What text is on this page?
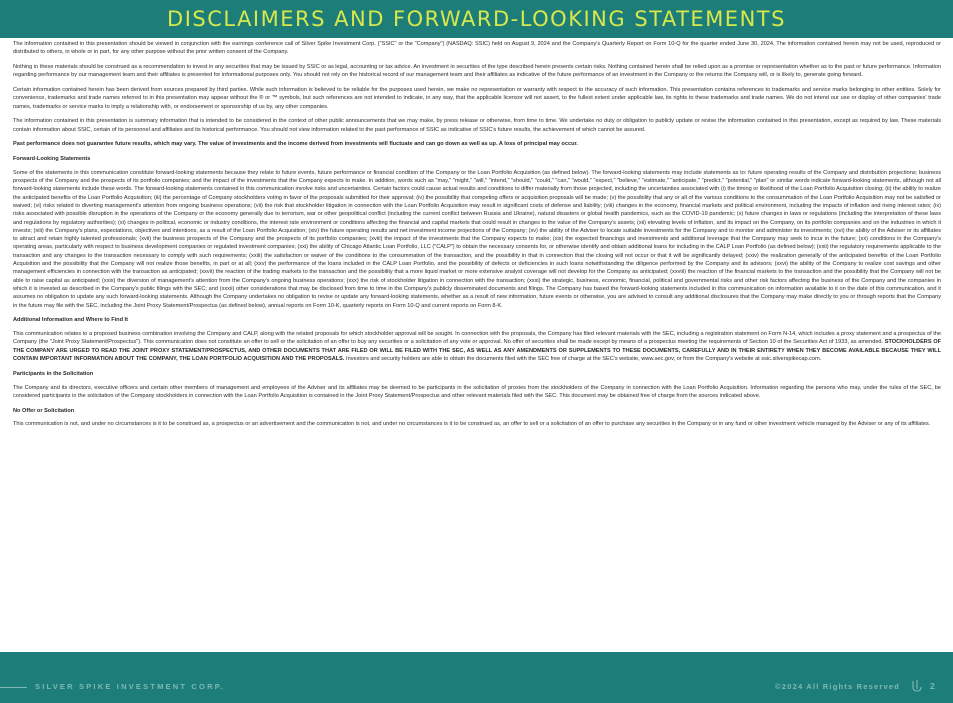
DISCLAIMERS AND FORWARD-LOOKING STATEMENTS

The information contained in this presentation should be viewed in conjunction with the earnings conference call of Silver Spike Investment Corp. ("SSIC" or the "Company") (NASDAQ: SSIC) held on August 9, 2024 and the Company's Quarterly Report on Form 10-Q for the quarter ended June 30, 2024. The information contained herein may not be used, reproduced or distributed to others, in whole or in part, for any other purpose without the prior written consent of the Company.

Nothing in these materials should be construed as a recommendation to invest in any securities that may be issued by SSIC or as legal, accounting or tax advice. An investment in securities of the type described herein presents certain risks. Nothing contained herein shall be relied upon as a promise or representation whether as to the past or future performance. Information regarding performance by our management team and their affiliates is presented for informational purposes only. You should not rely on the historical record of our management team and their affiliates as indicative of the future performance of an investment in the Company or the returns the Company will, or is likely to, generate going forward.

Certain information contained herein has been derived from sources prepared by third parties. While such information is believed to be reliable for the purposes used herein, we make no representation or warranty with respect to the accuracy of such information. This presentation contains references to trademarks and service marks belonging to other entities. Solely for convenience, trademarks and trade names referred to in this presentation may appear without the ® or ™ symbols, but such references are not intended to indicate, in any way, that the applicable licensor will not assert, to the fullest extent under applicable law, its rights to these trademarks and trade names. We do not intend our use or display of other companies' trade names, trademarks or service marks to imply a relationship with, or endorsement or sponsorship of us by, any other companies.

The information contained in this presentation is summary information that is intended to be considered in the context of other public announcements that we may make, by press release or otherwise, from time to time. We undertake no duty or obligation to publicly update or revise the information contained in this presentation, except as required by law. These materials contain information about SSIC, certain of its personnel and affiliates and its historical performance. You should not view information related to the past performance of SSIC as indicative of SSIC's future results, the achievement of which cannot be assured.

Past performance does not guarantee future results, which may vary. The value of investments and the income derived from investments will fluctuate and can go down as well as up. A loss of principal may occur.

Forward-Looking Statements

Some of the statements in this communication constitute forward-looking statements because they relate to future events, future performance or financial condition of the Company or the Loan Portfolio Acquisition (as defined below). The forward-looking statements may include statements as to: future operating results of the Company and distribution projections; business prospects of the Company and the prospects of its portfolio companies; and the impact of the investments that the Company expects to make. In addition, words such as "may," "might," "will," "intend," "should," "could," "can," "would," "expect," "believe," "estimate," "anticipate," "predict," "potential," "plan" or similar words indicate forward-looking statements, although not all forward-looking statements include these words. The forward-looking statements contained in this communication involve risks and uncertainties. Certain factors could cause actual results and conditions to differ materially from those projected, including the uncertainties associated with (i) the timing or likelihood of the Loan Portfolio Acquisition closing; (ii) the ability to realize the anticipated benefits of the Loan Portfolio Acquisition; (iii) the percentage of Company stockholders voting in favor of the proposals submitted for their approval; (iv) the possibility that competing offers or acquisition proposals will be made; (v) the possibility that any or all of the various conditions to the consummation of the Loan Portfolio Acquisition may not be satisfied or waived; (vi) risks related to diverting management's attention from ongoing business operations; (vii) the risk that stockholder litigation in connection with the Loan Portfolio Acquisition may result in significant costs of defense and liability; (viii) changes in the economy, financial markets and political environment, including the impacts of inflation and rising interest rates; (ix) risks associated with possible disruption in the operations of the Company or the economy generally due to terrorism, war or other geopolitical conflict (including the current conflict between Russia and Ukraine), natural disasters or global health pandemics, such as the COVID-19 pandemic; (x) future changes in laws or regulations (including the interpretation of these laws and regulations by regulatory authorities); (xi) changes in political, economic or industry conditions, the interest rate environment or conditions affecting the financial and capital markets that could result in changes to the value of the Company's assets; (xii) elevating levels of inflation, and its impact on the Company, on its portfolio companies and on the industries in which it invests; (xiii) the Company's plans, expectations, objectives and intentions, as a result of the Loan Portfolio Acquisition; (xiv) the future operating results and net investment income projections of the Company; (xv) the ability of the Adviser to locate suitable investments for the Company and to monitor and administer its investments; (xvi) the ability of the Adviser or its affiliates to attract and retain highly talented professionals; (xvii) the business prospects of the Company and the prospects of its portfolio companies; (xviii) the impact of the investments that the Company expects to make; (xix) the expected financings and investments and additional leverage that the Company may seek to incur in the future; (xx) conditions in the Company's operating areas, particularly with respect to business development companies or regulated investment companies; (xxi) the ability of Chicago Atlantic Loan Portfolio, LLC ("CALP") to obtain the necessary consents for, or otherwise identify and obtain additional loans for including in the CALP Loan Portfolio (as defined below); (xxii) the regulatory requirements applicable to the transaction and any changes to the transaction necessary to comply with such requirements; (xxiii) the satisfaction or waiver of the conditions to the consummation of the transaction, and the possibility in that in connection that the closing will not occur or that it will be significantly delayed; (xxiv) the realization generally of the anticipated benefits of the Loan Portfolio Acquisition and the possibility that the Company will not realize those benefits, in part or at all; (xxv) the performance of the loans included in the CALP Loan Portfolio, and the possibility of defects or deficiencies in such loans notwithstanding the diligence performed by the Company and its advisors; (xxvi) the ability of the Company to realize cost savings and other management efficiencies in connection with the transaction as anticipated; (xxvii) the reaction of the trading markets to the transaction and the possibility that a more liquid market or more extensive analyst coverage will not develop for the Company as anticipated; (xxviii) the reaction of the financial markets to the transaction and the possibility that the Company will not be able to raise capital as anticipated; (xxix) the diversion of management's attention from the Company's ongoing business operations; (xxx) the risk of stockholder litigation in connection with the transaction; (xxxi) the strategic, business, economic, financial, political and governmental risks and other risk factors affecting the business of the Company and the companies in which it is invested as described in the Company's public filings with the SEC; and (xxxii) other considerations that may be disclosed from time to time in the Company's publicly disseminated documents and filings. The Company has based the forward-looking statements included in this communication on information available to it on the date of this communication, and it assumes no obligation to update any such forward-looking statements. Although the Company undertakes no obligation to revise or update any forward-looking statements, whether as a result of new information, future events or otherwise, you are advised to consult any additional disclosures that the Company may make directly to you or through reports that the Company in the future may file with the SEC, including the Joint Proxy Statement/Prospectus (as defined below), annual reports on Form 10-K, quarterly reports on Form 10-Q and current reports on Form 8-K.

Additional Information and Where to Find It

This communication relates to a proposed business combination involving the Company and CALP, along with the related proposals for which stockholder approval will be sought. In connection with the proposals, the Company has filed relevant materials with the SEC, including a registration statement on Form N-14, which includes a proxy statement and a prospectus of the Company (the "Joint Proxy Statement/Prospectus"). This communication does not constitute an offer to sell or the solicitation of an offer to buy any securities or a solicitation of any vote or approval. No offer of securities shall be made except by means of a prospectus meeting the requirements of Section 10 of the Securities Act of 1933, as amended. STOCKHOLDERS OF THE COMPANY ARE URGED TO READ THE JOINT PROXY STATEMENT/PROSPECTUS, AND OTHER DOCUMENTS THAT ARE FILED OR WILL BE FILED WITH THE SEC, AS WELL AS ANY AMENDMENTS OR SUPPLEMENTS TO THESE DOCUMENTS, CAREFULLY AND IN THEIR ENTIRETY WHEN THEY BECOME AVAILABLE BECAUSE THEY WILL CONTAIN IMPORTANT INFORMATION ABOUT THE COMPANY, THE LOAN PORTFOLIO ACQUISITION AND THE PROPOSALS. Investors and security holders are able to obtain the documents filed with the SEC free of charge at the SEC's website, www.sec.gov, or from the Company's website at ssic.silverspikecap.com.

Participants in the Solicitation

The Company and its directors, executive officers and certain other members of management and employees of the Adviser and its affiliates may be deemed to be participants in the solicitation of proxies from the stockholders of the Company in connection with the Loan Portfolio Acquisition. Information regarding the persons who may, under the rules of the SEC, be considered participants in the solicitation of the Company stockholders in connection with the Loan Portfolio Acquisition is contained in the Joint Proxy Statement/Prospectus and other relevant materials filed with the SEC. This document may be obtained free of charge from the sources indicated above.

No Offer or Solicitation

This communication is not, and under no circumstances is it to be construed as, a prospectus or an advertisement and the communication is not, and under no circumstances is it to be construed as, an offer to sell or a solicitation of an offer to purchase any securities in the Company or in any fund or other investment vehicle managed by the Adviser or any of its affiliates.

SILVER SPIKE INVESTMENT CORP.	©2024 All Rights Reserved	2
